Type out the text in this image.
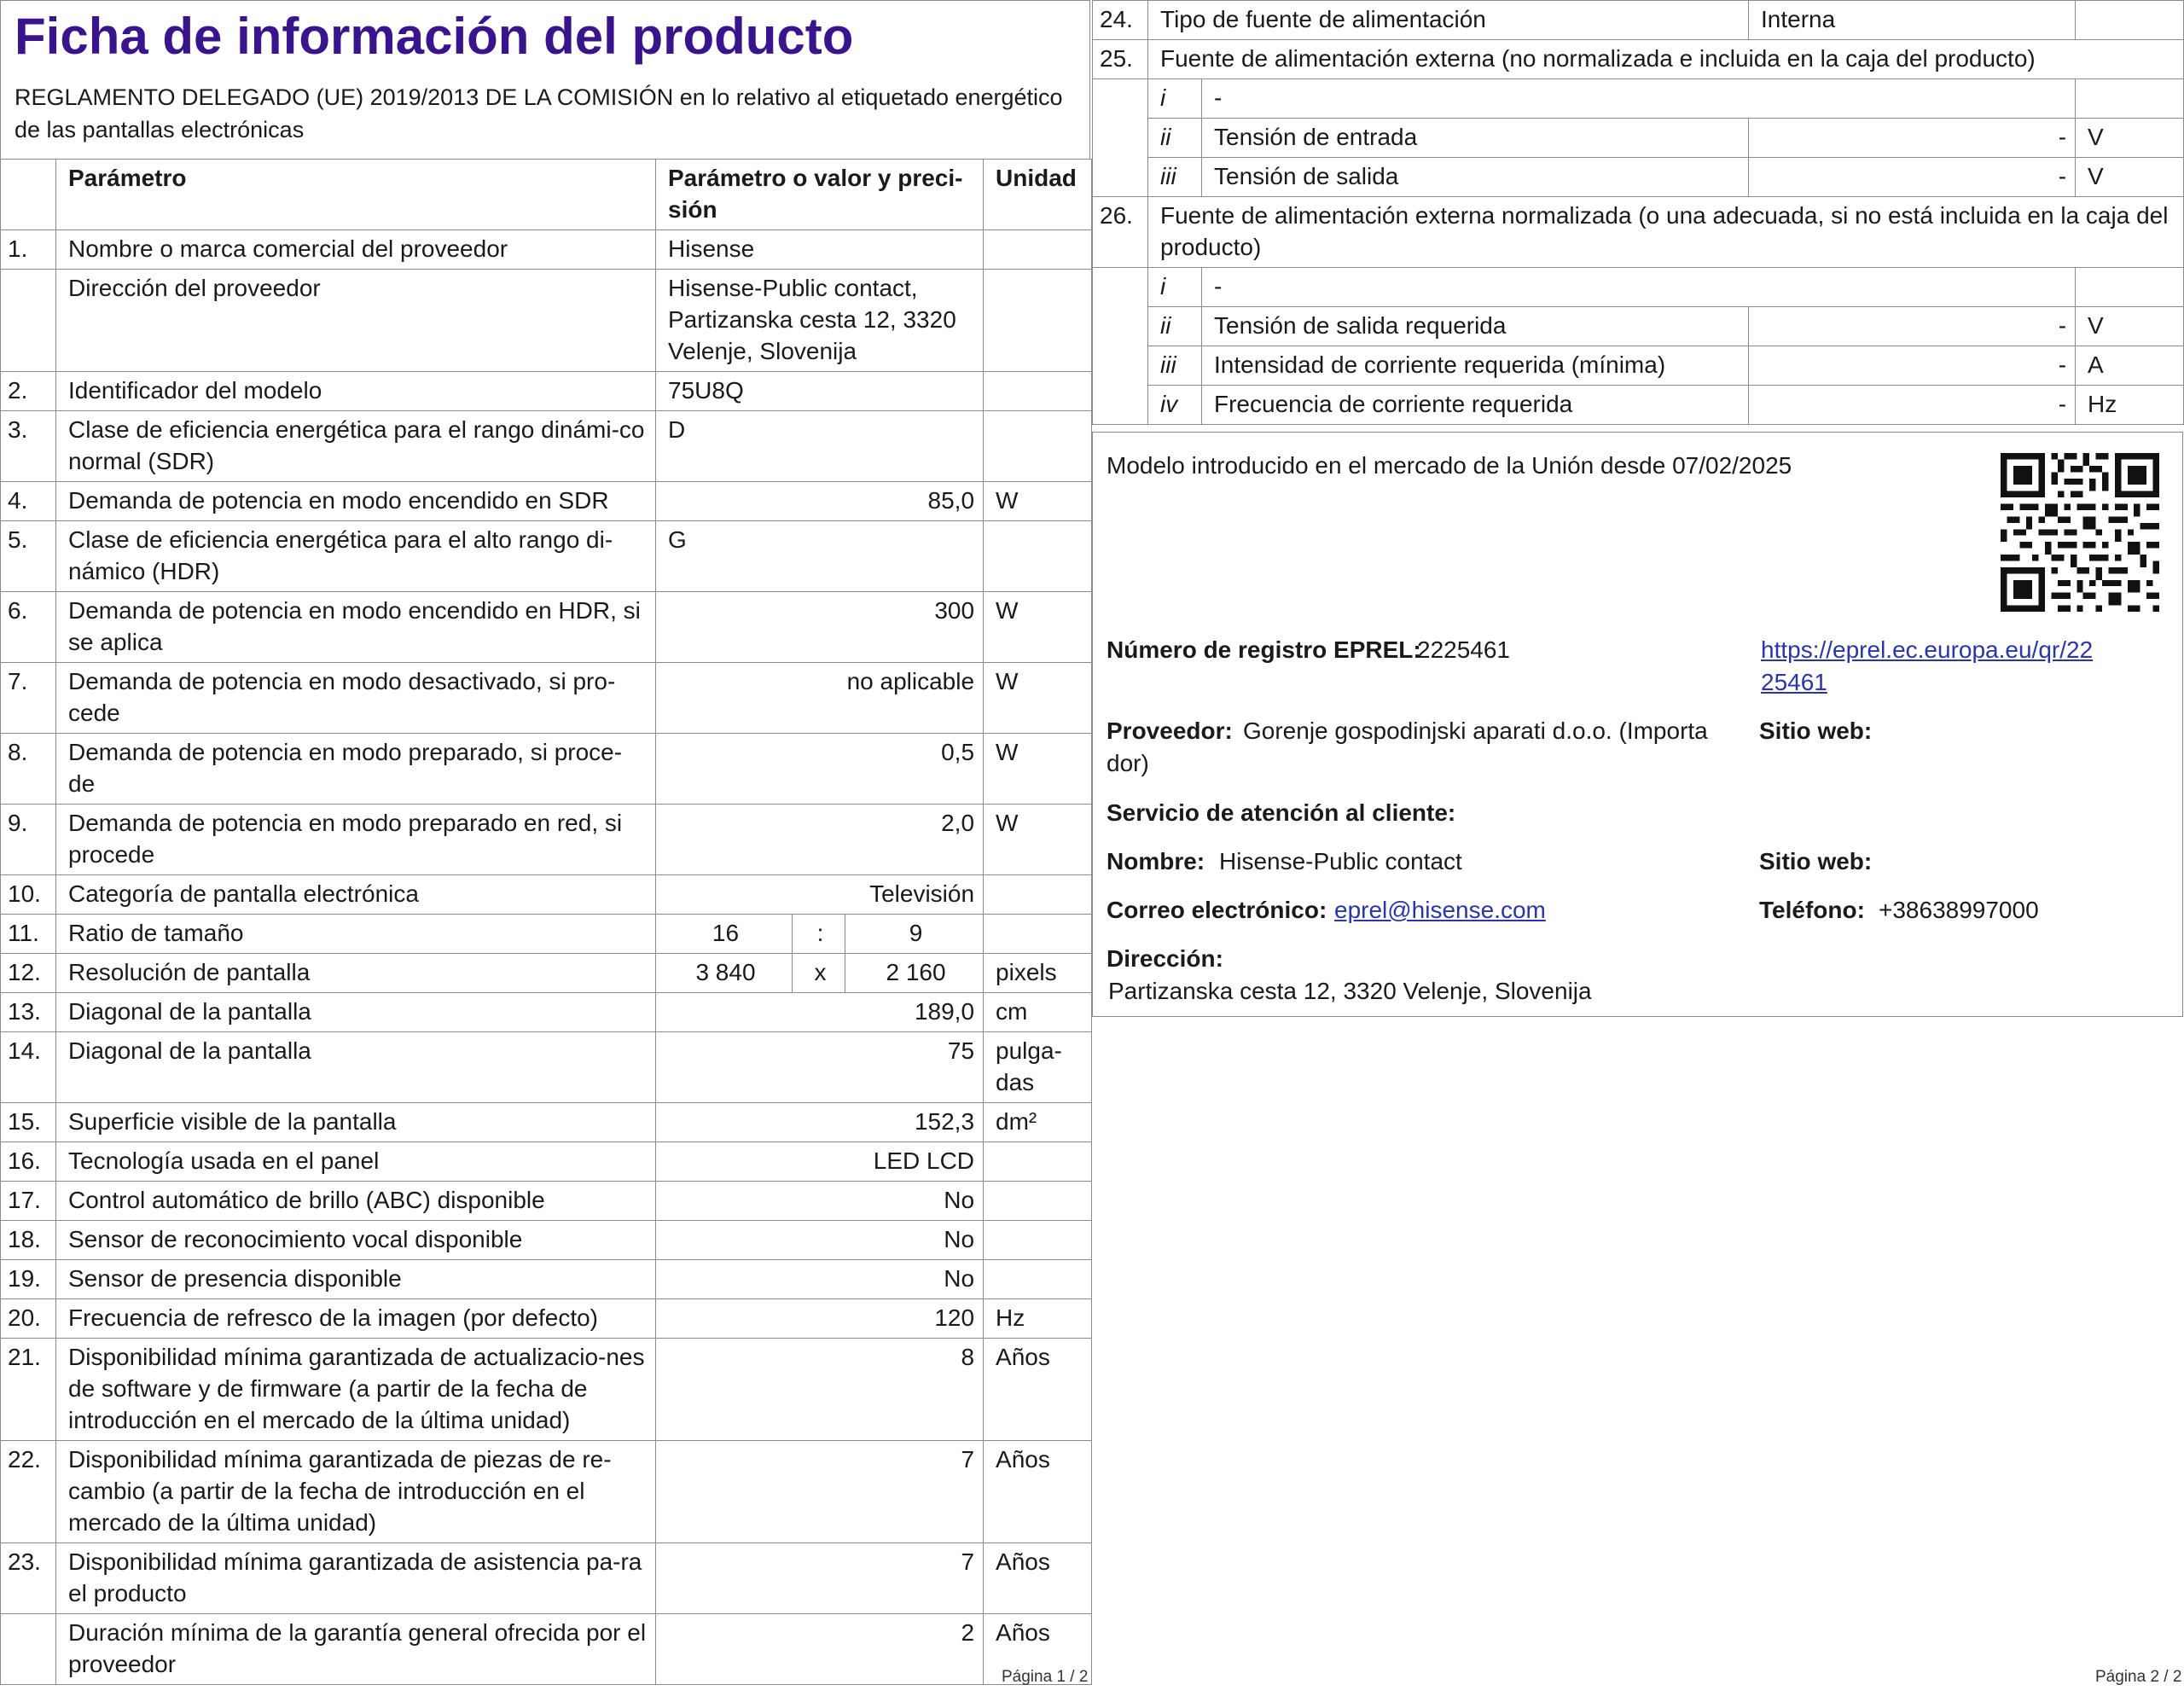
Ficha de información del producto

REGLAMENTO DELEGADO (UE) 2019/2013 DE LA COMISIÓN en lo relativo al etiquetado energético de las pantallas electrónicas

	Parámetro	Parámetro o valor y preci-sión			Unidad
1.	Nombre o marca comercial del proveedor	Hisense			
	Dirección del proveedor	Hisense-Public contact, Partizanska cesta 12, 3320 Velenje, Slovenija			
2.	Identificador del modelo	75U8Q			
3.	Clase de eficiencia energética para el rango dinámi-co normal (SDR)	D			
4.	Demanda de potencia en modo encendido en SDR	85,0			W
5.	Clase de eficiencia energética para el alto rango di-námico (HDR)	G			
6.	Demanda de potencia en modo encendido en HDR, si se aplica	300			W
7.	Demanda de potencia en modo desactivado, si pro-cede	no aplicable			W
8.	Demanda de potencia en modo preparado, si proce-de	0,5			W
9.	Demanda de potencia en modo preparado en red, si procede	2,0			W
10.	Categoría de pantalla electrónica	Televisión			
11.	Ratio de tamaño	16	:	9	
12.	Resolución de pantalla	3 840	x	2 160	pixels
13.	Diagonal de la pantalla	189,0			cm
14.	Diagonal de la pantalla	75			pulga-das
15.	Superficie visible de la pantalla	152,3			dm²
16.	Tecnología usada en el panel	LED LCD			
17.	Control automático de brillo (ABC) disponible	No			
18.	Sensor de reconocimiento vocal disponible	No			
19.	Sensor de presencia disponible	No			
20.	Frecuencia de refresco de la imagen (por defecto)	120			Hz
21.	Disponibilidad mínima garantizada de actualizacio-nes de software y de firmware (a partir de la fecha de introducción en el mercado de la última unidad)	8			Años
22.	Disponibilidad mínima garantizada de piezas de re-cambio (a partir de la fecha de introducción en el mercado de la última unidad)	7			Años
23.	Disponibilidad mínima garantizada de asistencia pa-ra el producto	7			Años
	Duración mínima de la garantía general ofrecida por el proveedor	2			Años
Página 1 / 2
24.	Tipo de fuente de alimentación		Interna	
25.	Fuente de alimentación externa (no normalizada e incluida en la caja del producto)			
	i	-		
	ii	Tensión de entrada	-	V
	iii	Tensión de salida	-	V
26.	Fuente de alimentación externa normalizada (o una adecuada, si no está incluida en la caja del producto)			
	i	-		
	ii	Tensión de salida requerida	-	V
	iii	Intensidad de corriente requerida (mínima)	-	A
	iv	Frecuencia de corriente requerida	-	Hz
Modelo introducido en el mercado de la Unión desde 07/02/2025
Número de registro EPREL:
2225461	https://eprel.ec.europa.eu/qr/22
25461
Proveedor: Gorenje gospodinjski aparati d.o.o. (Importa
dor)
Sitio web:
Servicio de atención al cliente:
Nombre: Hisense-Public contact	Sitio web:
Correo electrónico: eprel@hisense.com	Teléfono: +38638997000
Dirección:
Partizanska cesta 12, 3320 Velenje, Slovenija
Página 2 / 2
